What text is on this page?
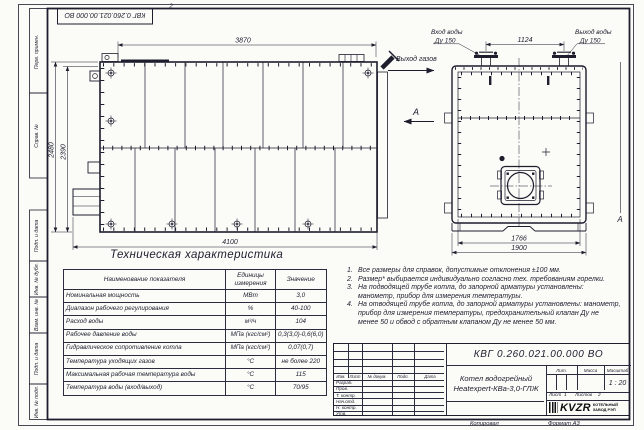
КВГ 0.260.021.00.000 ВО
2
Перв. примен.
Справ. №
Подп. и дата
Инв. № дубл.
Взам. инв. №
Подп. и дата
Инв. № подл.
3870
2480 2390
4100
Выход газов
А
Вход воды
Ду 150
Выход воды
Ду 150
1124
1766
1900
А
Техническая характеристика
Наименование показателя	Единицы измерения	Значение
Номинальная мощность	МВт	3,0
Диапазон рабочего регулирования	%	40-100
Расход воды	м³/ч	104
Рабочее давление воды	МПа (кгс/см²)	0,3(3,0)-0,6(6,0)
Гидравлическое сопротивление котла	МПа (кгс/см²)	0,07(0,7)
Температура уходящих газов	°С	не более 220
Максимальная рабочая температура воды	°С	115
Температура воды (вход/выход)	°С	70/95
1. Все размеры для справок, допустимые отклонения ±100 мм.
2. Размер* выбирается индивидуально согласно тех. требованиям горелки.
3. На подводящей трубе котла, до запорной арматуры установлены: манометр, прибор для измерения температуры.
4. На отводящей трубе котла, до запорной арматуры установлены: манометр, прибор для измерения температуры, предохранительный клапан Ду не менее 50 и обвод с обратным клапаном Ду не менее 50 мм.
Изм. Лист	№ докум.	Подп.	Дата
Разраб.
Пров.
Т. контр.
Нач.отд.
Н. контр.
Утв.
КВГ 0.260.021.00.000 ВО
Котел водогрейный
Heatexpert-КВа-3,0-ГЛЖ
Лит.	Масса	Масштаб
1 : 20
Лист 1 Листов 2
KVZR КОТЕЛЬНЫЙ
ЗАВОД РЭП
Копировал	Формат А3
